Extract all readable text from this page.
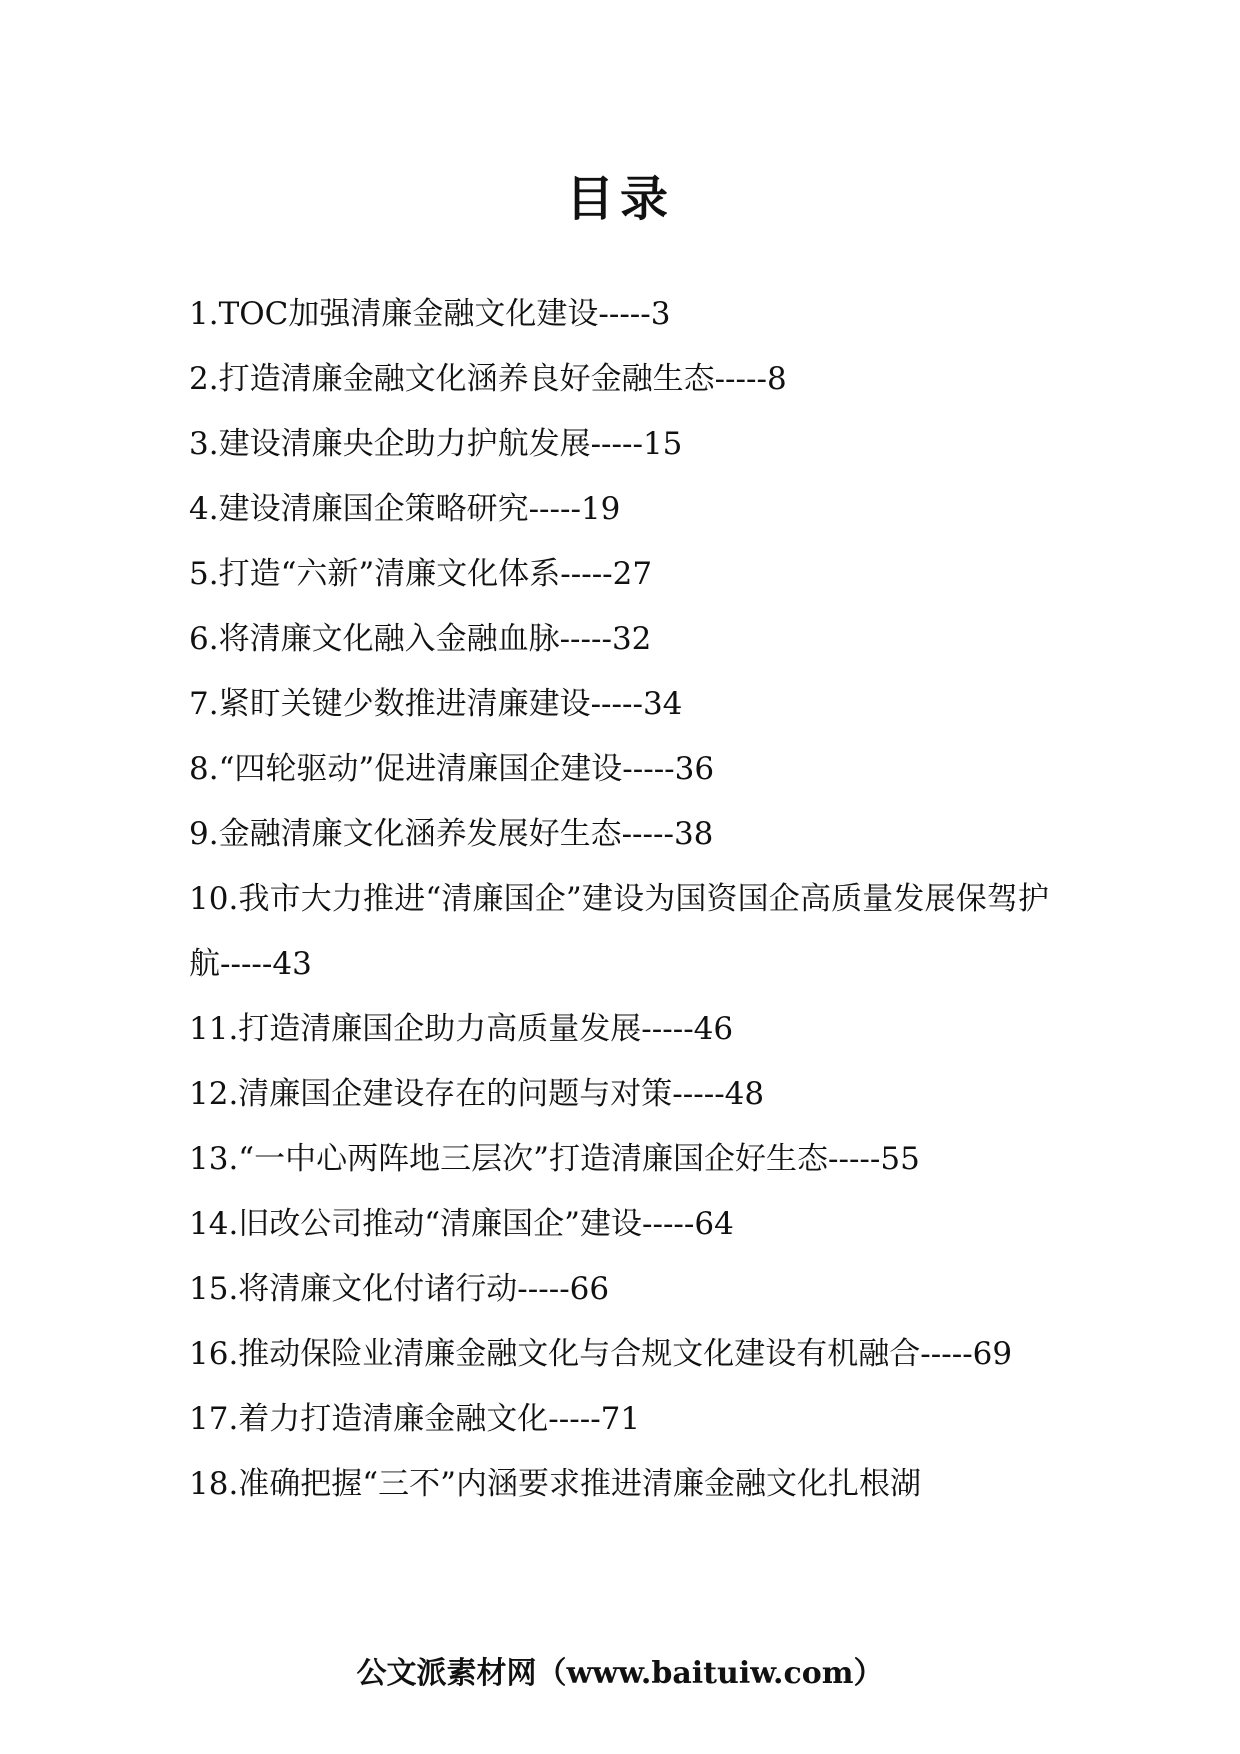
目录
1.TOC加强清廉金融文化建设-----3
2.打造清廉金融文化涵养良好金融生态-----8
3.建设清廉央企助力护航发展-----15
4.建设清廉国企策略研究-----19
5.打造“六新”清廉文化体系-----27
6.将清廉文化融入金融血脉-----32
7.紧盯关键少数推进清廉建设-----34
8.“四轮驱动”促进清廉国企建设-----36
9.金融清廉文化涵养发展好生态-----38
10.我市大力推进“清廉国企”建设为国资国企高质量发展保驾护航-----43
11.打造清廉国企助力高质量发展-----46
12.清廉国企建设存在的问题与对策-----48
13.“一中心两阵地三层次”打造清廉国企好生态-----55
14.旧改公司推动“清廉国企”建设-----64
15.将清廉文化付诸行动-----66
16.推动保险业清廉金融文化与合规文化建设有机融合-----69
17.着力打造清廉金融文化-----71
18.准确把握“三不”内涵要求推进清廉金融文化扎根湖
公文派素材网（www.baituiw.com）
